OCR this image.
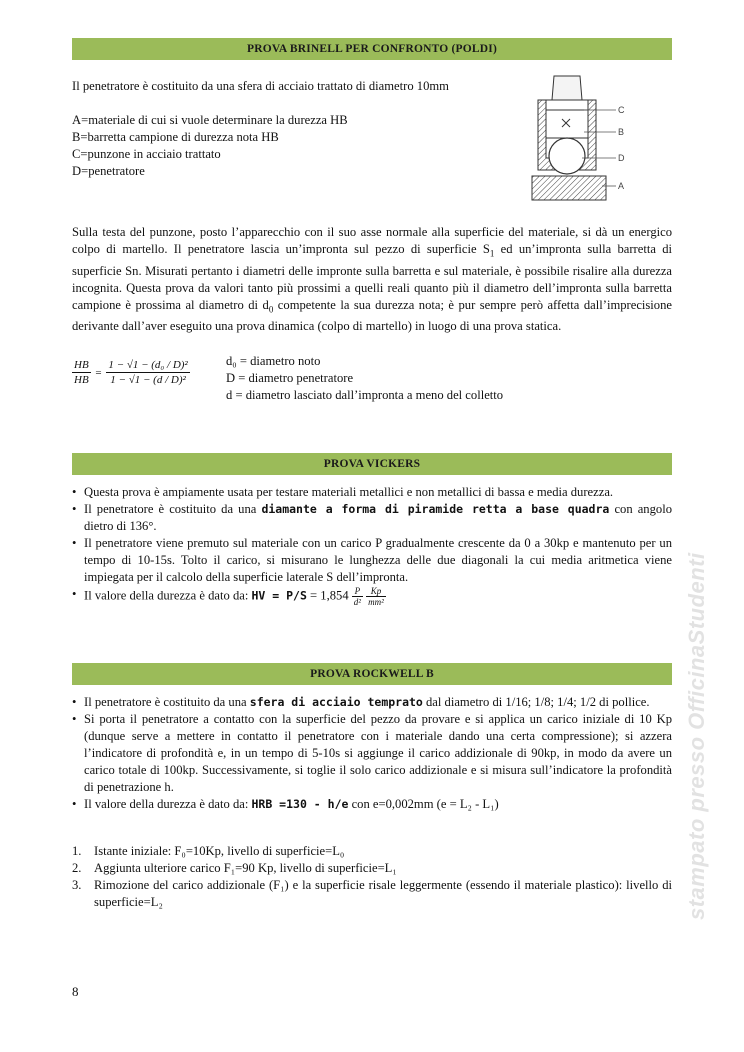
PROVA BRINELL PER CONFRONTO (POLDI)

Il penetratore è costituito da una sfera di acciaio trattato di diametro 10mm

A=materiale di cui si vuole determinare la durezza HB

B=barretta campione di durezza nota HB

C=punzone in acciaio trattato

D=penetratore

C
B
D
A

Sulla testa del punzone, posto l’apparecchio con il suo asse normale alla superficie del materiale, si dà un energico colpo di martello. Il penetratore lascia un’impronta sul pezzo di superficie $S_1$ ed un’impronta sulla barretta di superficie Sn. Misurati pertanto i diametri delle impronte sulla barretta e sul materiale, è possibile risalire alla durezza incognita. Questa prova da valori tanto più prossimi a quelli reali quanto più il diametro dell’impronta sulla barretta campione è prossima al diametro di $d_0$ competente la sua durezza nota; è pur sempre però affetta dall’imprecisione derivante dall’aver eseguito una prova dinamica (colpo di martello) in luogo di una prova statica.

$\frac{HB}{HB} = \frac{\text{1 − √1 − (d₀ / D)²}}{\text{1 − √1 − (d / D)²}}$	d₀ = diametro noto

D = diametro penetratore

d = diametro lasciato dall’impronta a meno del colletto

PROVA VICKERS
• Questa prova è ampiamente usata per testare materiali metallici e non metallici di bassa e media durezza.
• Il penetratore è costituito da una diamante a forma di piramide retta a base quadra con angolo dietro di 136°.
• Il penetratore viene premuto sul materiale con un carico P gradualmente crescente da 0 a 30kp e mantenuto per un tempo di 10-15s. Tolto il carico, si misurano le lunghezza delle due diagonali la cui media aritmetica viene impiegata per il calcolo della superficie laterale S dell’impronta.
• Il valore della durezza è dato da: HV = $P/S = 1,854 \frac{P}{\text{d²}}$
$\frac{Kp}{\text{mm²}}$
PROVA ROCKWELL B
• Il penetratore è costituito da una sfera di acciaio temprato dal diametro di 1/16; 1/8; 1/4; 1/2 di pollice.
• Si porta il penetratore a contatto con la superficie del pezzo da provare e si applica un carico iniziale di 10 Kp (dunque serve a mettere in contatto il penetratore con i materiale dando una certa compressione); si azzera l’indicatore di profondità e, in un tempo di 5-10s si aggiunge il carico addizionale di 90kp, in modo da avere un carico totale di 100kp. Successivamente, si toglie il solo carico addizionale e si misura sull’indicatore la profondità di penetrazione h.
• Il valore della durezza è dato da: HRB =130 - h/e con e=0,002mm (e = L₂ - L₁)
1. Istante iniziale: F₀=10Kp, livello di superficie=L₀
2. Aggiunta ulteriore carico F₁=90 Kp, livello di superficie=L₁
3. Rimozione del carico addizionale (F₁) e la superficie risale leggermente (essendo il materiale plastico): livello di superficie=L₂	stampato presso OfficinaStudenti
8
